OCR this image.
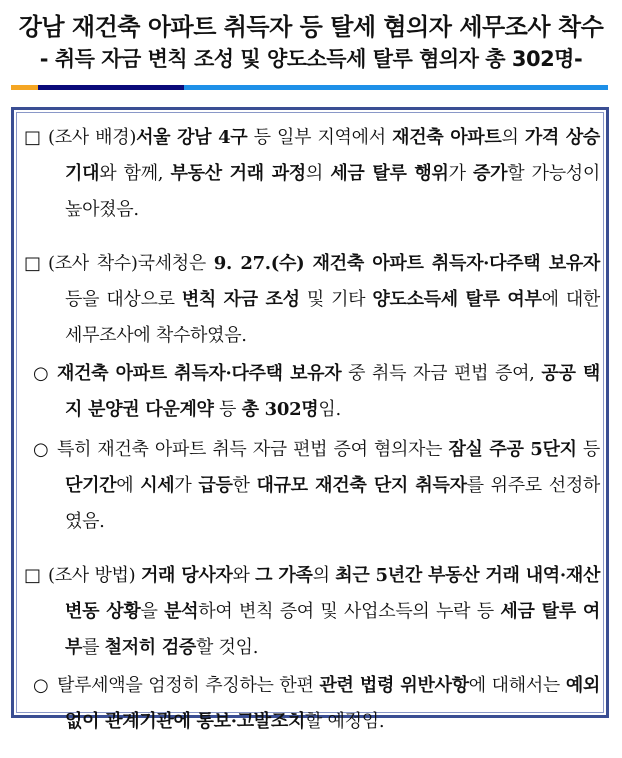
강남 재건축 아파트 취득자 등 탈세 혐의자 세무조사 착수
- 취득 자금 변칙 조성 및 양도소득세 탈루 혐의자 총 302명-
□ (조사 배경)서울 강남 4구 등 일부 지역에서 재건축 아파트의 가격 상승 기대와 함께, 부동산 거래 과정의 세금 탈루 행위가 증가할 가능성이 높아졌음.
□ (조사 착수)국세청은 9. 27.(수) 재건축 아파트 취득자·다주택 보유자 등을 대상으로 변칙 자금 조성 및 기타 양도소득세 탈루 여부에 대한 세무조사에 착수하였음.
○ 재건축 아파트 취득자·다주택 보유자 중 취득 자금 편법 증여, 공공 택지 분양권 다운계약 등 총 302명임.
○ 특히 재건축 아파트 취득 자금 편법 증여 혐의자는 잠실 주공 5단지 등 단기간에 시세가 급등한 대규모 재건축 단지 취득자를 위주로 선정하였음.
□ (조사 방법) 거래 당사자와 그 가족의 최근 5년간 부동산 거래 내역·재산 변동 상황을 분석하여 변칙 증여 및 사업소득의 누락 등 세금 탈루 여부를 철저히 검증할 것임.
○ 탈루세액을 엄정히 추징하는 한편 관련 법령 위반사항에 대해서는 예외 없이 관계기관에 통보·고발조치할 예정임.
